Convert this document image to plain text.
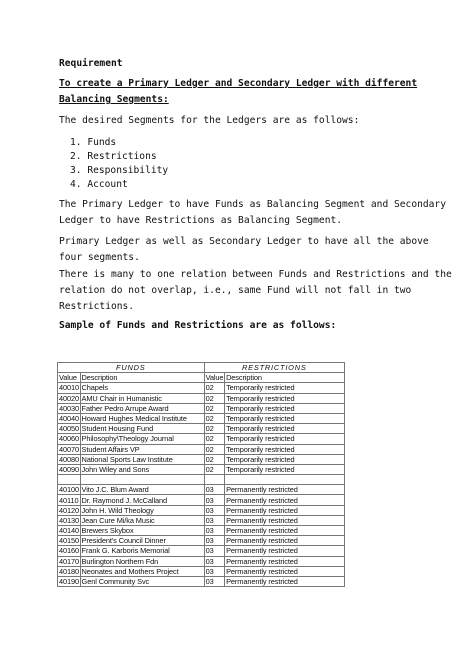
Requirement
To create a Primary Ledger and Secondary Ledger with different
Balancing Segments:
The desired Segments for the Ledgers are as follows:
1. Funds
2. Restrictions
3. Responsibility
4. Account
The Primary Ledger to have Funds as Balancing Segment and Secondary
Ledger to have Restrictions as Balancing Segment.
Primary Ledger as well as Secondary Ledger to have all the above
four segments.
There is many to one relation between Funds and Restrictions and the
relation do not overlap, i.e., same Fund will not fall in two
Restrictions.
Sample of Funds and Restrictions are as follows:
FUNDS		RESTRICTIONS	
Value	Description	Value	Description
40010	Chapels	02	Temporarily restricted
40020	AMU Chair in Humanistic	02	Temporarily restricted
40030	Father Pedro Arrupe Award	02	Temporarily restricted
40040	Howard Hughes Medical Institute	02	Temporarily restricted
40050	Student Housing Fund	02	Temporarily restricted
40060	Philosophy\Theology Journal	02	Temporarily restricted
40070	Student Affairs VP	02	Temporarily restricted
40080	National Sports Law Institute	02	Temporarily restricted
40090	John Wiley and Sons	02	Temporarily restricted

40100	Vito J.C. Blum Award	03	Permanently restricted
40110	Dr. Raymond J. McCalland	03	Permanently restricted
40120	John H. Wild Theology	03	Permanently restricted
40130	Jean Cure Mi/ka Music	03	Permanently restricted
40140	Brewers Skybox	03	Permanently restricted
40150	President's Council Dinner	03	Permanently restricted
40160	Frank G. Karboris Memorial	03	Permanently restricted
40170	Burlington Northern Fdn	03	Permanently restricted
40180	Neonates and Mothers Project	03	Permanently restricted
40190	Genl Community Svc	03	Permanently restricted
